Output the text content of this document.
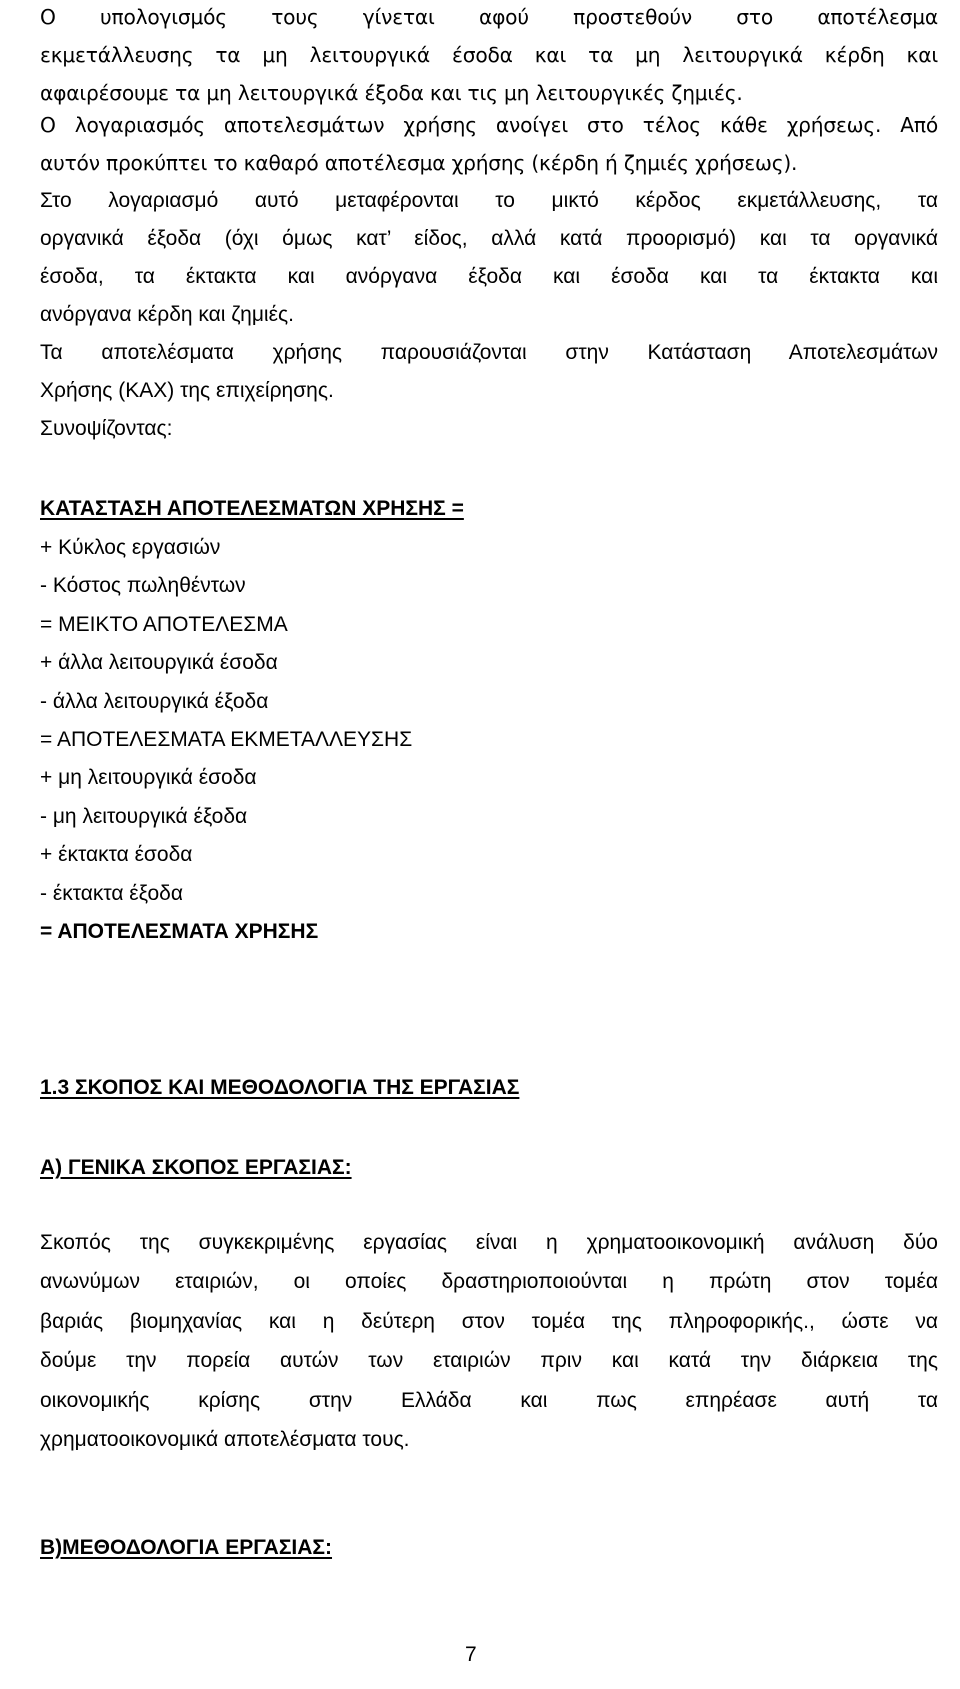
Ο υπολογισμός τους γίνεται αφού προστεθούν στο αποτέλεσμα
εκμετάλλευσης τα μη λειτουργικά έσοδα και τα μη λειτουργικά κέρδη και
αφαιρέσουμε τα μη λειτουργικά έξοδα και τις μη λειτουργικές ζημιές.
Ο λογαριασμός αποτελεσμάτων χρήσης ανοίγει στο τέλος κάθε χρήσεως. Από
αυτόν προκύπτει το καθαρό αποτέλεσμα χρήσης (κέρδη ή ζημιές χρήσεως).
Στο λογαριασμό αυτό μεταφέρονται το μικτό κέρδος εκμετάλλευσης, τα
οργανικά έξοδα (όχι όμως κατ’ είδος, αλλά κατά προορισμό) και τα οργανικά
έσοδα, τα έκτακτα και ανόργανα έξοδα και έσοδα και τα έκτακτα και
ανόργανα κέρδη και ζημιές.
Τα αποτελέσματα χρήσης παρουσιάζονται στην Κατάσταση Αποτελεσμάτων
Χρήσης (ΚΑΧ) της επιχείρησης.
Συνοψίζοντας:
ΚΑΤΑΣΤΑΣΗ ΑΠΟΤΕΛΕΣΜΑΤΩΝ ΧΡΗΣΗΣ =
+ Κύκλος εργασιών
- Κόστος πωληθέντων
= ΜΕΙΚΤΟ ΑΠΟΤΕΛΕΣΜΑ
+ άλλα λειτουργικά έσοδα
- άλλα λειτουργικά έξοδα
= ΑΠΟΤΕΛΕΣΜΑΤΑ ΕΚΜΕΤΑΛΛΕΥΣΗΣ
+ μη λειτουργικά έσοδα
- μη λειτουργικά έξοδα
+ έκτακτα έσοδα
- έκτακτα έξοδα
= ΑΠΟΤΕΛΕΣΜΑΤΑ ΧΡΗΣΗΣ
1.3 ΣΚΟΠΟΣ ΚΑΙ ΜΕΘΟΔΟΛΟΓΙΑ ΤΗΣ ΕΡΓΑΣΙΑΣ
Α) ΓΕΝΙΚΑ ΣΚΟΠΟΣ ΕΡΓΑΣΙΑΣ:
Σκοπός της συγκεκριμένης εργασίας είναι η χρηματοοικονομική ανάλυση δύο
ανωνύμων εταιριών, οι οποίες δραστηριοποιούνται η πρώτη στον τομέα
βαριάς βιομηχανίας και η δεύτερη στον τομέα της πληροφορικής., ώστε να
δούμε την πορεία αυτών των εταιριών πριν και κατά την διάρκεια της
οικονομικής κρίσης στην Ελλάδα και πως επηρέασε αυτή τα
χρηματοοικονομικά αποτελέσματα τους.
Β)ΜΕΘΟΔΟΛΟΓΙΑ ΕΡΓΑΣΙΑΣ:
7
